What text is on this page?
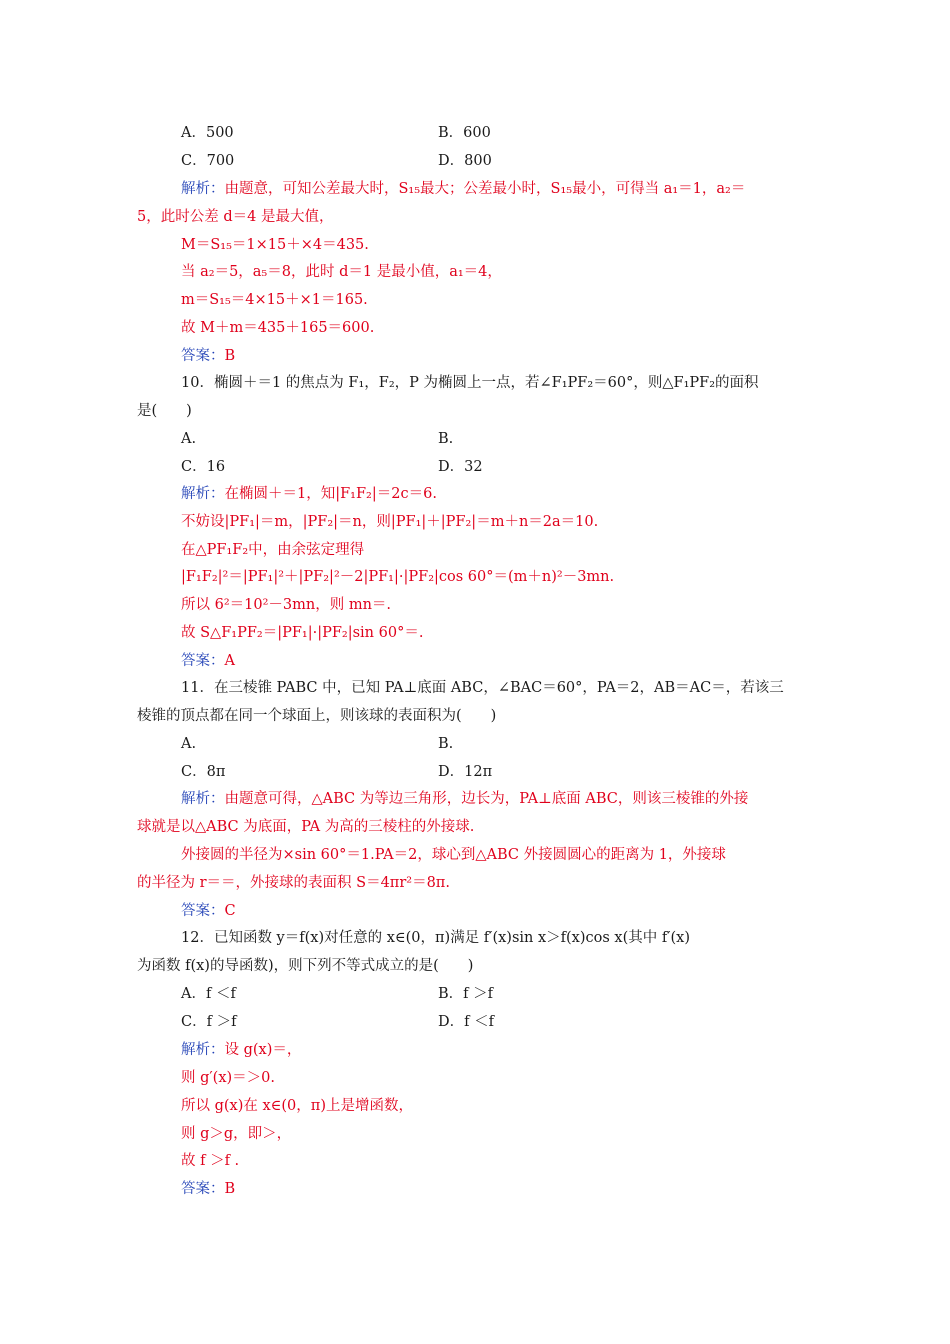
A．500	B．600
C．700	D．800
解析：由题意，可知公差最大时，S₁₅最大；公差最小时，S₁₅最小，可得当 a₁＝1，a₂＝
5，此时公差 d＝4 是最大值，
M＝S₁₅＝1×15＋×4＝435.
当 a₂＝5，a₅＝8，此时 d＝1 是最小值，a₁＝4，
m＝S₁₅＝4×15＋×1＝165.
故 M＋m＝435＋165＝600.
答案：B
10．椭圆＋＝1 的焦点为 F₁，F₂，P 为椭圆上一点，若∠F₁PF₂＝60°，则△F₁PF₂的面积
是(　　)
A.	B.
C．16	D．32
解析：在椭圆＋＝1，知|F₁F₂|＝2c＝6.
不妨设|PF₁|＝m，|PF₂|＝n，则|PF₁|＋|PF₂|＝m＋n＝2a＝10.
在△PF₁F₂中，由余弦定理得
|F₁F₂|²＝|PF₁|²＋|PF₂|²－2|PF₁|·|PF₂|cos 60°＝(m＋n)²－3mn.
所以 6²＝10²－3mn，则 mn＝.
故 S△F₁PF₂＝|PF₁|·|PF₂|sin 60°＝.
答案：A
11．在三棱锥 PABC 中，已知 PA⊥底面 ABC，∠BAC＝60°，PA＝2，AB＝AC＝，若该三
棱锥的顶点都在同一个球面上，则该球的表面积为(　　)
A.	B.
C．8π	D．12π
解析：由题意可得，△ABC 为等边三角形，边长为，PA⊥底面 ABC，则该三棱锥的外接
球就是以△ABC 为底面，PA 为高的三棱柱的外接球.
外接圆的半径为×sin 60°＝1.PA＝2，球心到△ABC 外接圆圆心的距离为 1，外接球
的半径为 r＝＝，外接球的表面积 S＝4πr²＝8π.
答案：C
12．已知函数 y＝f(x)对任意的 x∈(0，π)满足 f′(x)sin x＞f(x)cos x(其中 f′(x)
为函数 f(x)的导函数)，则下列不等式成立的是(　　)
A．f ＜f	B．f ＞f
C．f ＞f	D．f ＜f
解析：设 g(x)＝，
则 g′(x)＝＞0.
所以 g(x)在 x∈(0，π)上是增函数，
则 g＞g，即＞，
故 f ＞f .
答案：B
